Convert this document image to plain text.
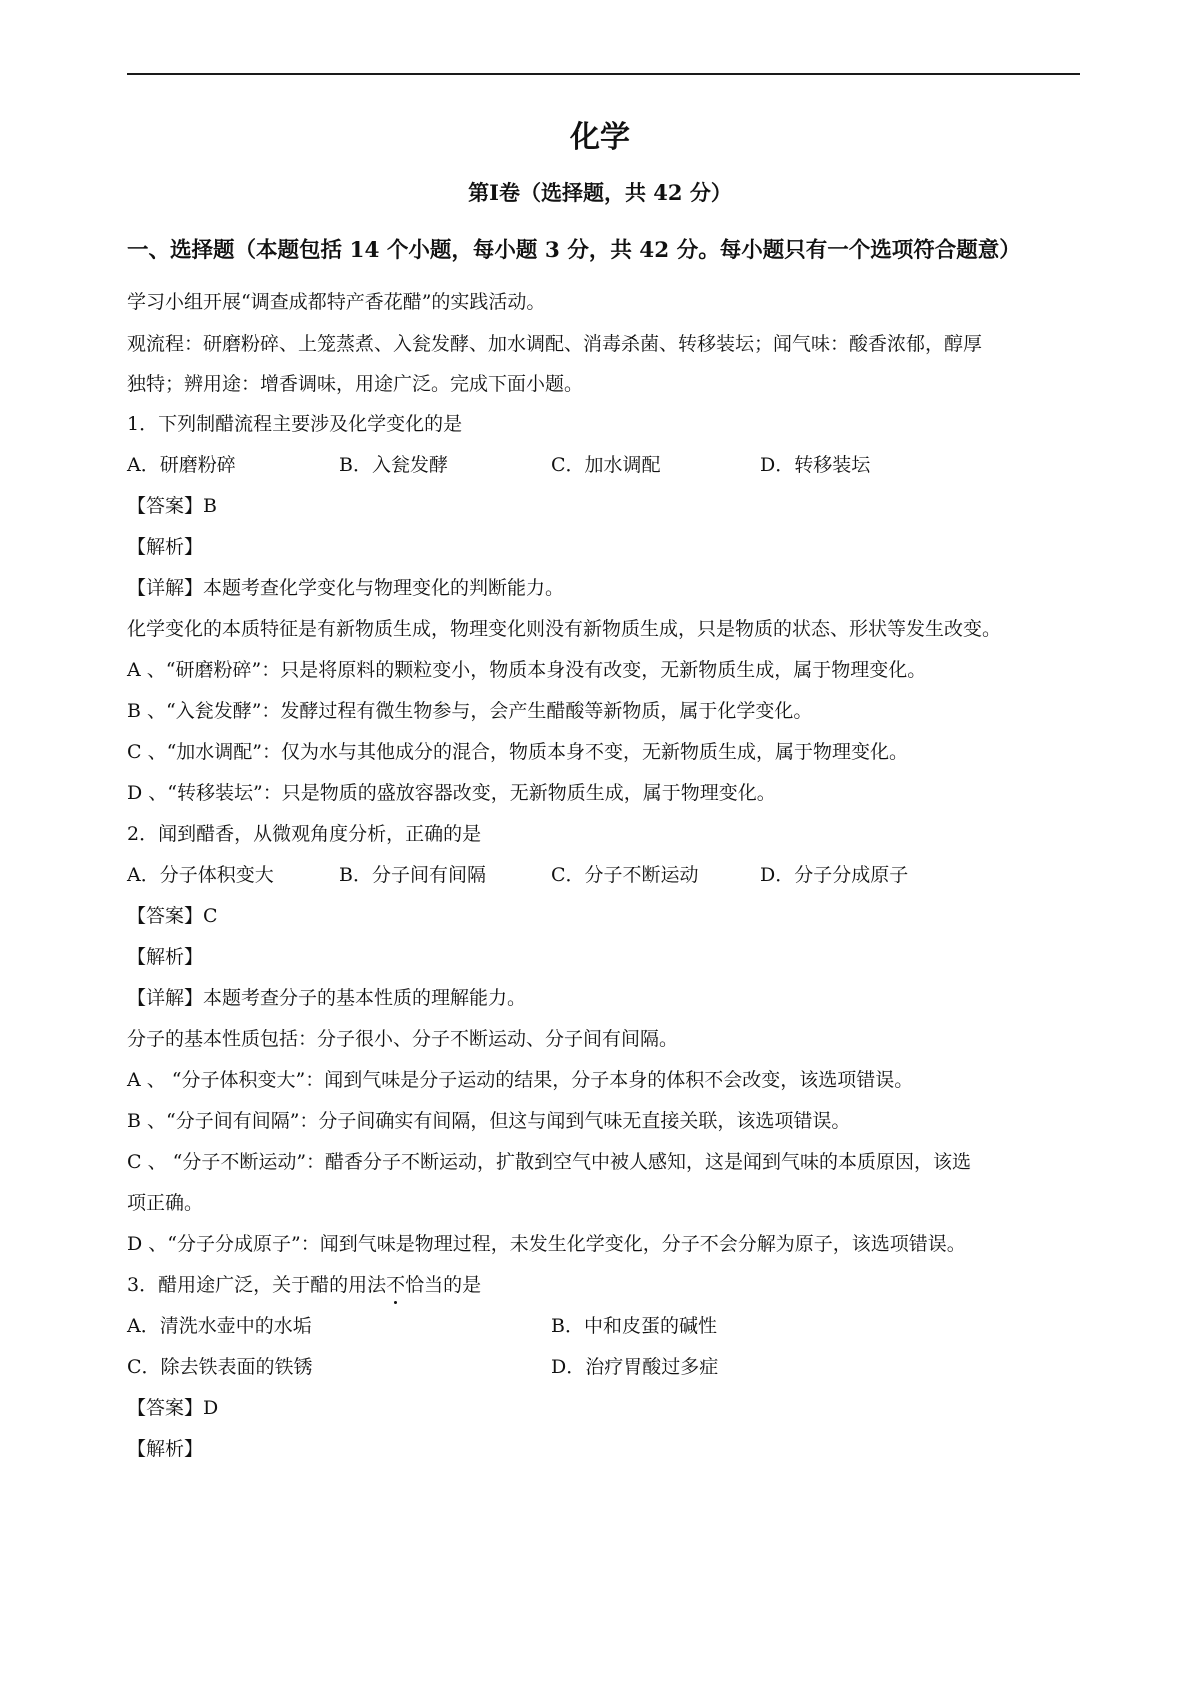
化学
第Ⅰ卷（选择题，共 42 分）
一、选择题（本题包括 14 个小题，每小题 3 分，共 42 分。每小题只有一个选项符合题意）
学习小组开展“调查成都特产香花醋”的实践活动。
观流程：研磨粉碎、上笼蒸煮、入瓮发酵、加水调配、消毒杀菌、转移装坛；闻气味：酸香浓郁，醇厚
独特；辨用途：增香调味，用途广泛。完成下面小题。
1．下列制醋流程主要涉及化学变化的是
A．研磨粉碎	B．入瓮发酵	C．加水调配	D．转移装坛
【答案】B
【解析】
【详解】本题考查化学变化与物理变化的判断能力。
化学变化的本质特征是有新物质生成，物理变化则没有新物质生成，只是物质的状态、形状等发生改变。
A 、“研磨粉碎”：只是将原料的颗粒变小，物质本身没有改变，无新物质生成，属于物理变化。
B 、“入瓮发酵”：发酵过程有微生物参与，会产生醋酸等新物质，属于化学变化。
C 、“加水调配”：仅为水与其他成分的混合，物质本身不变，无新物质生成，属于物理变化。
D 、“转移装坛”：只是物质的盛放容器改变，无新物质生成，属于物理变化。
2．闻到醋香，从微观角度分析，正确的是
A．分子体积变大	B．分子间有间隔	C．分子不断运动	D．分子分成原子
【答案】C
【解析】
【详解】本题考查分子的基本性质的理解能力。
分子的基本性质包括：分子很小、分子不断运动、分子间有间隔。
A 、 “分子体积变大”：闻到气味是分子运动的结果，分子本身的体积不会改变，该选项错误。
B 、“分子间有间隔”：分子间确实有间隔，但这与闻到气味无直接关联，该选项错误。
C 、 “分子不断运动”：醋香分子不断运动，扩散到空气中被人感知，这是闻到气味的本质原因，该选
项正确。
D 、“分子分成原子”：闻到气味是物理过程，未发生化学变化，分子不会分解为原子，该选项错误。
3．醋用途广泛，关于醋的用法不恰当的是
A．清洗水壶中的水垢	B．中和皮蛋的碱性
C．除去铁表面的铁锈	D．治疗胃酸过多症
【答案】D
【解析】
